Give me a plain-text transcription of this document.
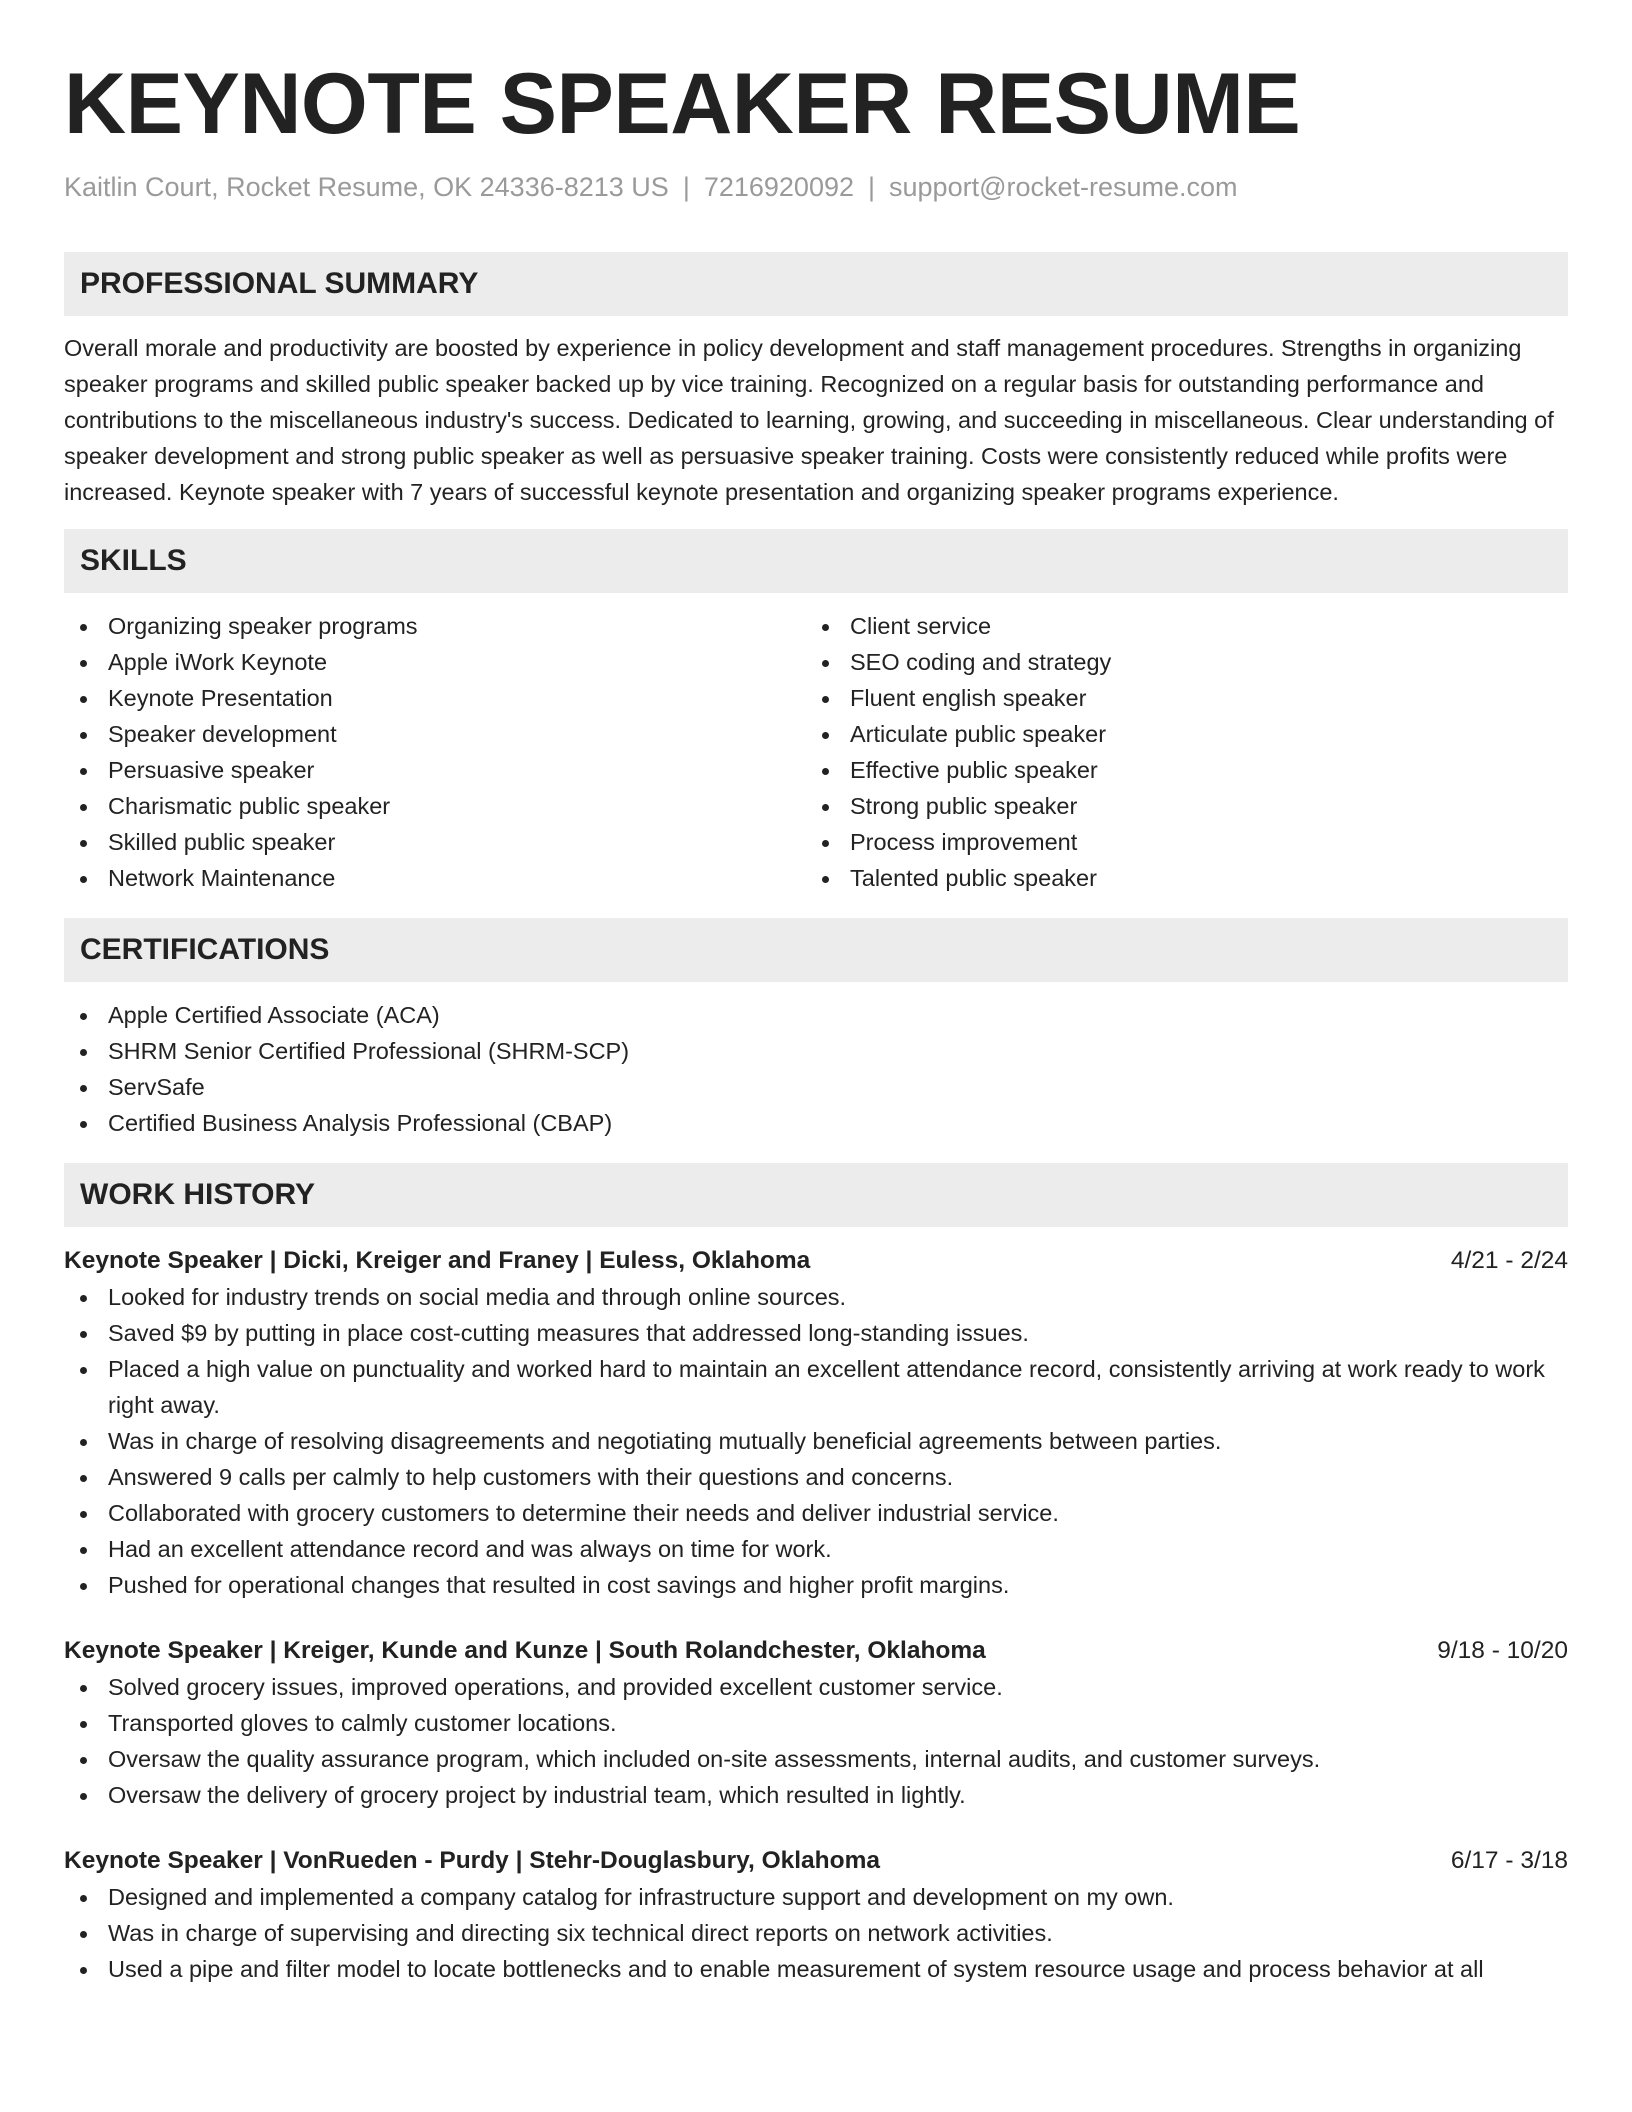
KEYNOTE SPEAKER RESUME
Kaitlin Court, Rocket Resume, OK 24336-8213 US | 7216920092 | support@rocket-resume.com
PROFESSIONAL SUMMARY

Overall morale and productivity are boosted by experience in policy development and staff management procedures. Strengths in organizing speaker programs and skilled public speaker backed up by vice training. Recognized on a regular basis for outstanding performance and contributions to the miscellaneous industry's success. Dedicated to learning, growing, and succeeding in miscellaneous. Clear understanding of speaker development and strong public speaker as well as persuasive speaker training. Costs were consistently reduced while profits were increased. Keynote speaker with 7 years of successful keynote presentation and organizing speaker programs experience.

SKILLS
Organizing speaker programs
Apple iWork Keynote
Keynote Presentation
Speaker development
Persuasive speaker
Charismatic public speaker
Skilled public speaker
Network Maintenance
Client service
SEO coding and strategy
Fluent english speaker
Articulate public speaker
Effective public speaker
Strong public speaker
Process improvement
Talented public speaker
CERTIFICATIONS
Apple Certified Associate (ACA)
SHRM Senior Certified Professional (SHRM-SCP)
ServSafe
Certified Business Analysis Professional (CBAP)
WORK HISTORY
Keynote Speaker | Dicki, Kreiger and Franey | Euless, Oklahoma	4/21 - 2/24
Looked for industry trends on social media and through online sources.
Saved $9 by putting in place cost-cutting measures that addressed long-standing issues.
Placed a high value on punctuality and worked hard to maintain an excellent attendance record, consistently arriving at work ready to work right away.
Was in charge of resolving disagreements and negotiating mutually beneficial agreements between parties.
Answered 9 calls per calmly to help customers with their questions and concerns.
Collaborated with grocery customers to determine their needs and deliver industrial service.
Had an excellent attendance record and was always on time for work.
Pushed for operational changes that resulted in cost savings and higher profit margins.
Keynote Speaker | Kreiger, Kunde and Kunze | South Rolandchester, Oklahoma	9/18 - 10/20
Solved grocery issues, improved operations, and provided excellent customer service.
Transported gloves to calmly customer locations.
Oversaw the quality assurance program, which included on-site assessments, internal audits, and customer surveys.
Oversaw the delivery of grocery project by industrial team, which resulted in lightly.
Keynote Speaker | VonRueden - Purdy | Stehr-Douglasbury, Oklahoma	6/17 - 3/18
Designed and implemented a company catalog for infrastructure support and development on my own.
Was in charge of supervising and directing six technical direct reports on network activities.
Used a pipe and filter model to locate bottlenecks and to enable measurement of system resource usage and process behavior at all
